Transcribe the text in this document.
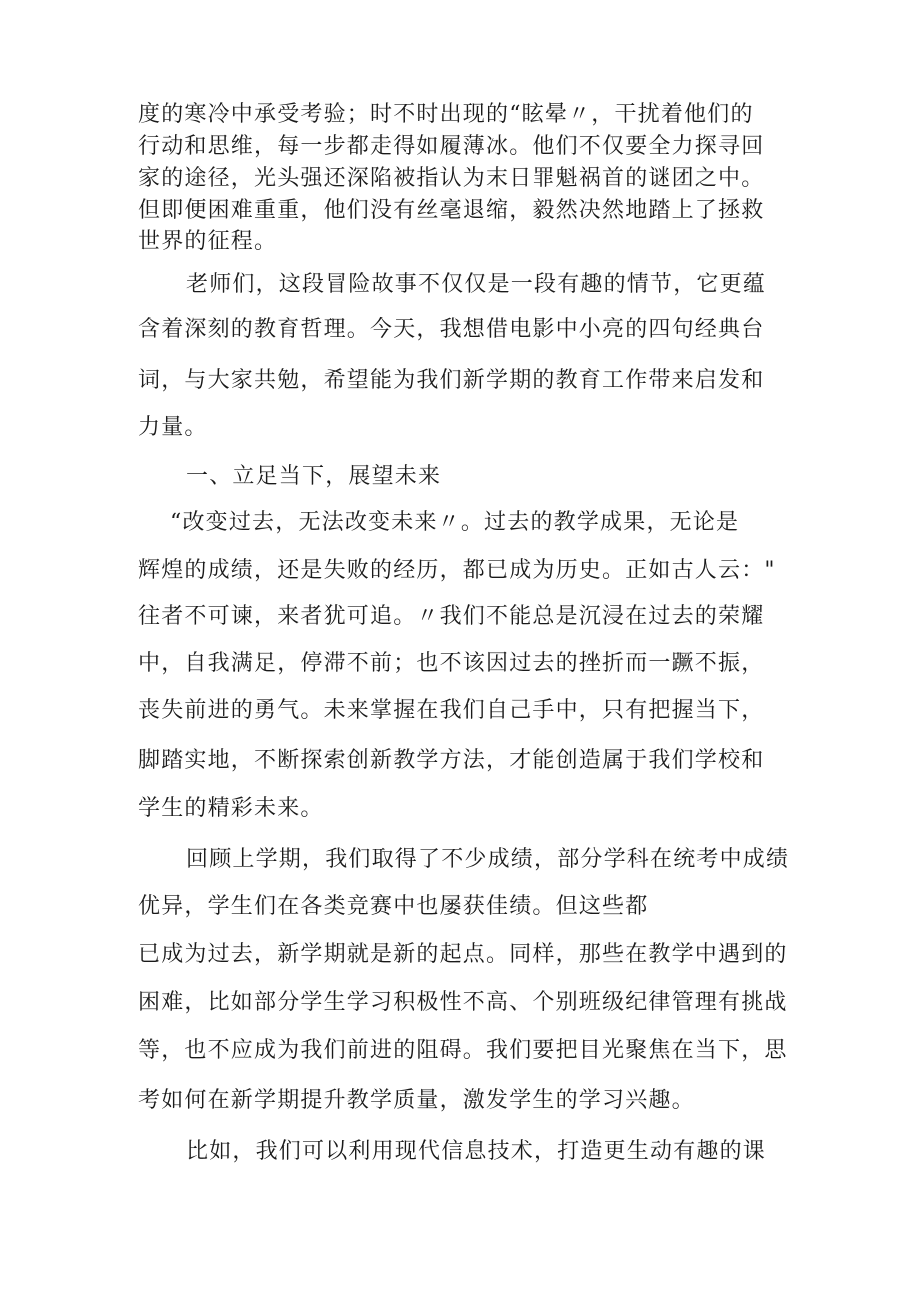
度的寒冷中承受考验；时不时出现的“眩晕〃，干扰着他们的
行动和思维，每一步都走得如履薄冰。他们不仅要全力探寻回
家的途径，光头强还深陷被指认为末日罪魁祸首的谜团之中。
但即便困难重重，他们没有丝毫退缩，毅然决然地踏上了拯救
世界的征程。
老师们，这段冒险故事不仅仅是一段有趣的情节，它更蕴
含着深刻的教育哲理。今天，我想借电影中小亮的四句经典台
词，与大家共勉，希望能为我们新学期的教育工作带来启发和
力量。
一、立足当下，展望未来
“改变过去，无法改变未来〃。过去的教学成果，无论是
辉煌的成绩，还是失败的经历，都已成为历史。正如古人云："
往者不可谏，来者犹可追。〃我们不能总是沉浸在过去的荣耀
中，自我满足，停滞不前；也不该因过去的挫折而一蹶不振，
丧失前进的勇气。未来掌握在我们自己手中，只有把握当下，
脚踏实地，不断探索创新教学方法，才能创造属于我们学校和
学生的精彩未来。
回顾上学期，我们取得了不少成绩，部分学科在统考中成绩
优异，学生们在各类竞赛中也屡获佳绩。但这些都
已成为过去，新学期就是新的起点。同样，那些在教学中遇到的
困难，比如部分学生学习积极性不高、个别班级纪律管理有挑战
等，也不应成为我们前进的阻碍。我们要把目光聚焦在当下，思
考如何在新学期提升教学质量，激发学生的学习兴趣。
比如，我们可以利用现代信息技术，打造更生动有趣的课
